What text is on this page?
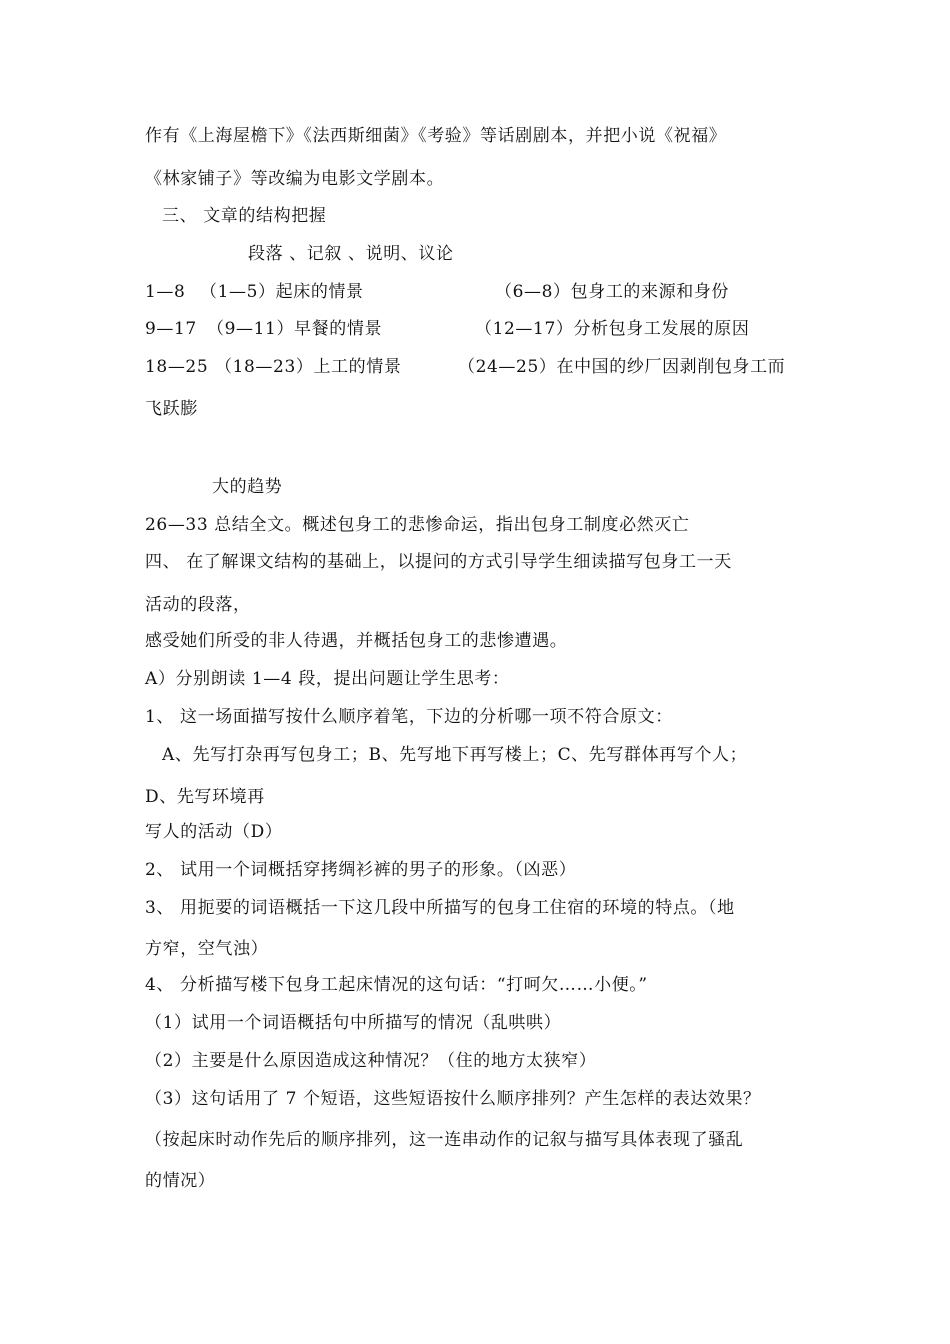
作有《上海屋檐下》《法西斯细菌》《考验》等话剧剧本，并把小说《祝福》
《林家铺子》等改编为电影文学剧本。
三、 文章的结构把握
段落 、记叙 、说明、议论
1—8 （1—5）起床的情景	（6—8）包身工的来源和身份
9—17 （9—11）早餐的情景	（12—17）分析包身工发展的原因
18—25 （18—23）上工的情景	（24—25）在中国的纱厂因剥削包身工而
飞跃膨
大的趋势
26—33 总结全文。概述包身工的悲惨命运，指出包身工制度必然灭亡
四、 在了解课文结构的基础上，以提问的方式引导学生细读描写包身工一天
活动的段落，
感受她们所受的非人待遇，并概括包身工的悲惨遭遇。
A）分别朗读 1—4 段，提出问题让学生思考：
1、 这一场面描写按什么顺序着笔，下边的分析哪一项不符合原文：
A、先写打杂再写包身工；B、先写地下再写楼上；C、先写群体再写个人；
D、先写环境再
写人的活动（D）
2、 试用一个词概括穿拷绸衫裤的男子的形象。（凶恶）
3、 用扼要的词语概括一下这几段中所描写的包身工住宿的环境的特点。（地
方窄，空气浊）
4、 分析描写楼下包身工起床情况的这句话：“打呵欠……小便。”
（1）试用一个词语概括句中所描写的情况（乱哄哄）
（2）主要是什么原因造成这种情况？（住的地方太狭窄）
（3）这句话用了 7 个短语，这些短语按什么顺序排列？产生怎样的表达效果？
（按起床时动作先后的顺序排列，这一连串动作的记叙与描写具体表现了骚乱
的情况）
